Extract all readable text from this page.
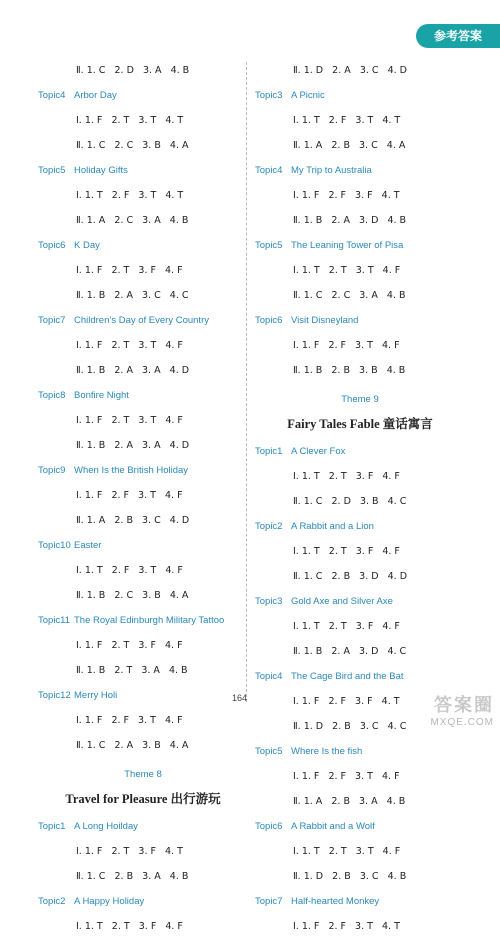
参考答案
Ⅱ. 1. C   2. D   3. A   4. B
Topic4 Arbor Day
Ⅰ. 1. F   2. T   3. T   4. T
Ⅱ. 1. C   2. C   3. B   4. A
Topic5 Holiday Gifts
Ⅰ. 1. T   2. F   3. T   4. T
Ⅱ. 1. A   2. C   3. A   4. B
Topic6 K Day
Ⅰ. 1. F   2. T   3. F   4. F
Ⅱ. 1. B   2. A   3. C   4. C
Topic7 Children’s Day of Every Country
Ⅰ. 1. F   2. T   3. T   4. F
Ⅱ. 1. B   2. A   3. A   4. D
Topic8 Bonfire Night
Ⅰ. 1. F   2. T   3. T   4. F
Ⅱ. 1. B   2. A   3. A   4. D
Topic9 When Is the British Holiday
Ⅰ. 1. F   2. F   3. T   4. F
Ⅱ. 1. A   2. B   3. C   4. D
Topic10 Easter
Ⅰ. 1. T   2. F   3. T   4. F
Ⅱ. 1. B   2. C   3. B   4. A
Topic11 The Royal Edinburgh Military Tattoo
Ⅰ. 1. F   2. T   3. F   4. F
Ⅱ. 1. B   2. T   3. A   4. B
Topic12 Merry Holi
Ⅰ. 1. F   2. F   3. T   4. F
Ⅱ. 1. C   2. A   3. B   4. A
Theme 8
Travel for Pleasure 出行游玩
Topic1 A Long Hoilday
Ⅰ. 1. F   2. T   3. F   4. T
Ⅱ. 1. C   2. B   3. A   4. B
Topic2 A Happy Holiday
Ⅰ. 1. T   2. T   3. F   4. F
Ⅱ. 1. D   2. A   3. C   4. D
Topic3 A Picnic
Ⅰ. 1. T   2. F   3. T   4. T
Ⅱ. 1. A   2. B   3. C   4. A
Topic4 My Trip to Australia
Ⅰ. 1. F   2. F   3. F   4. T
Ⅱ. 1. B   2. A   3. D   4. B
Topic5 The Leaning Tower of Pisa
Ⅰ. 1. T   2. T   3. T   4. F
Ⅱ. 1. C   2. C   3. A   4. B
Topic6 Visit Disneyland
Ⅰ. 1. F   2. F   3. T   4. F
Ⅱ. 1. B   2. B   3. B   4. B
Theme 9
Fairy Tales Fable 童话寓言
Topic1 A Clever Fox
Ⅰ. 1. T   2. T   3. F   4. F
Ⅱ. 1. C   2. D   3. B   4. C
Topic2 A Rabbit and a Lion
Ⅰ. 1. T   2. T   3. F   4. F
Ⅱ. 1. C   2. B   3. D   4. D
Topic3 Gold Axe and Silver Axe
Ⅰ. 1. T   2. T   3. F   4. F
Ⅱ. 1. B   2. A   3. D   4. C
Topic4 The Cage Bird and the Bat
Ⅰ. 1. F   2. F   3. F   4. T
Ⅱ. 1. D   2. B   3. C   4. C
Topic5 Where Is the fish
Ⅰ. 1. F   2. F   3. T   4. F
Ⅱ. 1. A   2. B   3. A   4. B
Topic6 A Rabbit and a Wolf
Ⅰ. 1. T   2. T   3. T   4. F
Ⅱ. 1. D   2. B   3. C   4. B
Topic7 Half-hearted Monkey
Ⅰ. 1. F   2. F   3. T   4. T
164	答案圈
MXQE.COM
